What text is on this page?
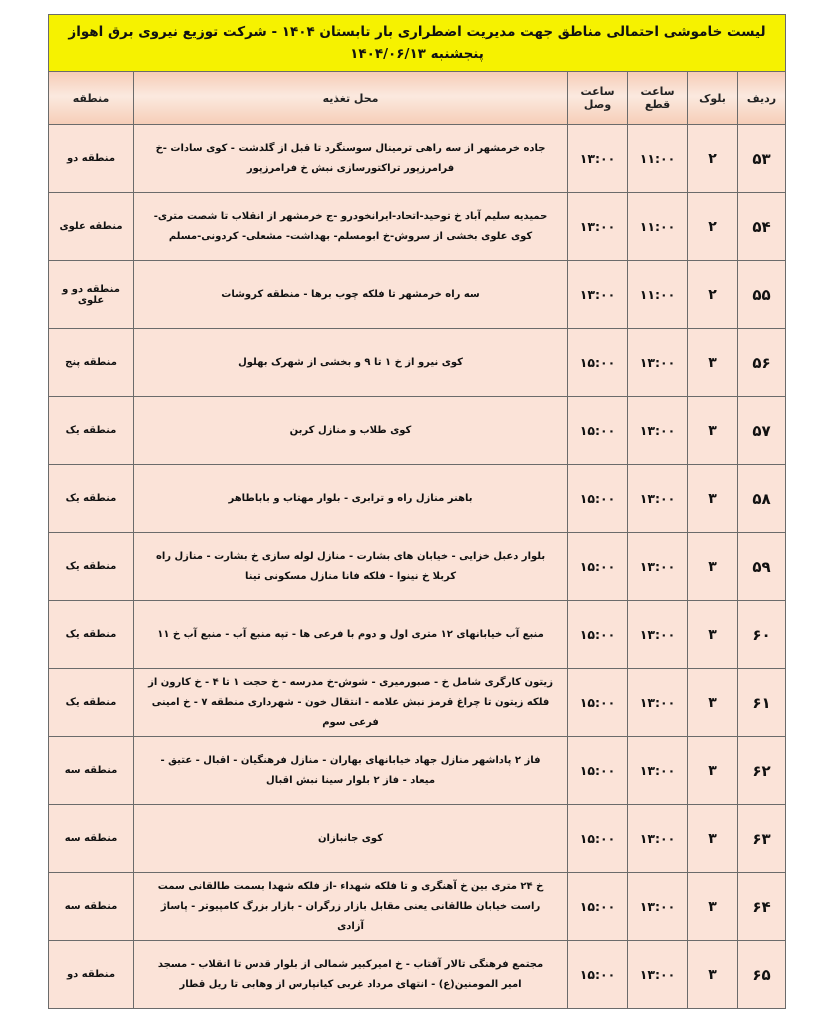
لیست خاموشی احتمالی مناطق جهت مدیریت اضطراری بار تابستان ۱۴۰۴ - شرکت توزیع نیروی برق اهواز
پنجشنبه ۱۴۰۴/۰۶/۱۳					

ردیف	بلوک	ساعت قطع	ساعت وصل	محل تغذیه	منطقه
۵۳	۲	۱۱:۰۰	۱۳:۰۰	جاده خرمشهر از سه راهی ترمینال سوسنگرد تا قبل از گلدشت - کوی سادات -خ فرامرزپور تراکتورسازی نبش خ فرامرزپور	منطقه دو
۵۴	۲	۱۱:۰۰	۱۳:۰۰	حمیدیه سلیم آباد خ توحید-اتحاد-ایرانخودرو -ج خرمشهر از انقلاب تا شصت متری-کوی علوی بخشی از سروش-خ ابومسلم- بهداشت- مشعلی- کردونی-مسلم	منطقه علوی
۵۵	۲	۱۱:۰۰	۱۳:۰۰	سه راه خرمشهر تا فلکه چوب برها - منطقه کروشات	منطقه دو و علوی
۵۶	۳	۱۳:۰۰	۱۵:۰۰	کوی نیرو از خ ۱ تا ۹ و بخشی از شهرک بهلول	منطقه پنج
۵۷	۳	۱۳:۰۰	۱۵:۰۰	کوی طلاب و منازل کربن	منطقه یک
۵۸	۳	۱۳:۰۰	۱۵:۰۰	باهنر منازل راه و ترابری - بلوار مهتاب و باباطاهر	منطقه یک
۵۹	۳	۱۳:۰۰	۱۵:۰۰	بلوار دعبل خزایی - خیابان های بشارت - منازل لوله سازی خ بشارت - منازل راه کربلا خ نینوا - فلکه فانا منازل مسکونی تینا	منطقه یک
۶۰	۳	۱۳:۰۰	۱۵:۰۰	منبع آب خیابانهای ۱۲ متری اول و دوم با فرعی ها - تپه منبع آب - منبع آب خ ۱۱	منطقه یک
۶۱	۳	۱۳:۰۰	۱۵:۰۰	زیتون کارگری شامل خ - صبورمیری - شوش-خ مدرسه - خ حجت ۱ تا ۴ - خ کارون از فلکه زیتون تا چراغ قرمز نبش علامه - انتقال خون - شهرداری منطقه ۷ - خ امینی فرعی سوم	منطقه یک
۶۲	۳	۱۳:۰۰	۱۵:۰۰	فاز ۲ پاداشهر منازل جهاد خیابانهای بهاران - منازل فرهنگیان - اقبال - عتیق - میعاد - فاز ۲ بلوار سینا نبش اقبال	منطقه سه
۶۳	۳	۱۳:۰۰	۱۵:۰۰	کوی جانبازان	منطقه سه
۶۴	۳	۱۳:۰۰	۱۵:۰۰	خ ۲۴ متری بین خ آهنگری و تا فلکه شهداء -از فلکه شهدا بسمت طالقانی سمت راست خیابان طالقانی یعنی مقابل بازار زرگران - بازار بزرگ کامپیوتر - پاساژ آزادی	منطقه سه
۶۵	۳	۱۳:۰۰	۱۵:۰۰	مجتمع فرهنگی تالار آفتاب - خ امیرکبیر شمالی از بلوار قدس تا انقلاب - مسجد امیر المومنین(ع) - انتهای مرداد غربی کیانپارس از وهابی تا ریل قطار	منطقه دو
